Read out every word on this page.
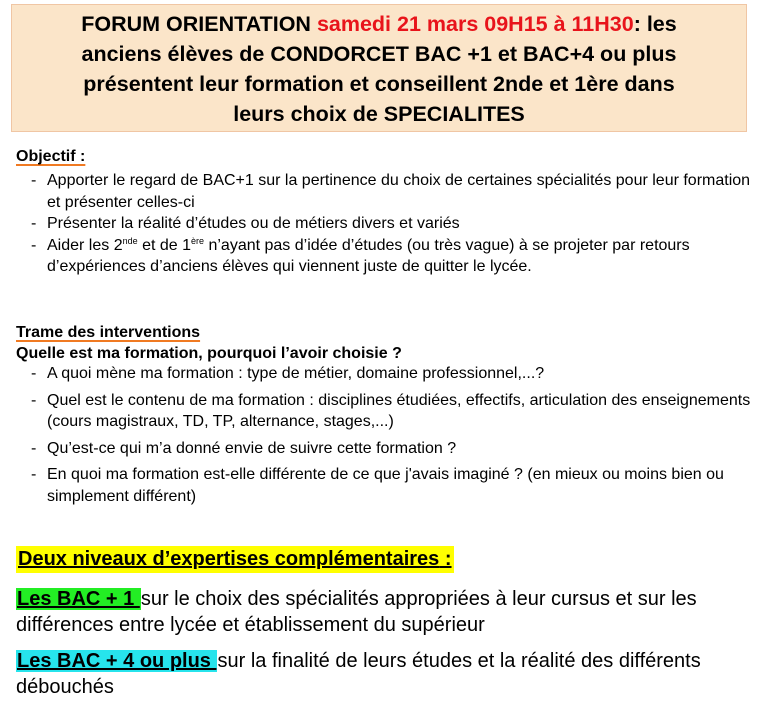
FORUM ORIENTATION samedi 21 mars 09H15 à 11H30: les
anciens élèves de CONDORCET BAC +1 et BAC+4 ou plus
présentent leur formation et conseillent 2nde et 1ère dans
leurs choix de SPECIALITES
Objectif :
- Apporter le regard de BAC+1 sur la pertinence du choix de certaines spécialités pour leur formation et présenter celles-ci
- Présenter la réalité d’études ou de métiers divers et variés
- Aider les 2nde et de 1ère n’ayant pas d’idée d’études (ou très vague) à se projeter par retours d’expériences d’anciens élèves qui viennent juste de quitter le lycée.
Trame des interventions
Quelle est ma formation, pourquoi l’avoir choisie ?
- A quoi mène ma formation : type de métier, domaine professionnel,...?
- Quel est le contenu de ma formation : disciplines étudiées, effectifs, articulation des enseignements (cours magistraux, TD, TP, alternance, stages,...)
- Qu’est-ce qui m’a donné envie de suivre cette formation ?
- En quoi ma formation est-elle différente de ce que j'avais imaginé ? (en mieux ou moins bien ou simplement différent)
Deux niveaux d’expertises complémentaires :
Les BAC + 1 sur le choix des spécialités appropriées à leur cursus et sur les différences entre lycée et établissement du supérieur
Les BAC + 4 ou plus sur la finalité de leurs études et la réalité des différents débouchés
